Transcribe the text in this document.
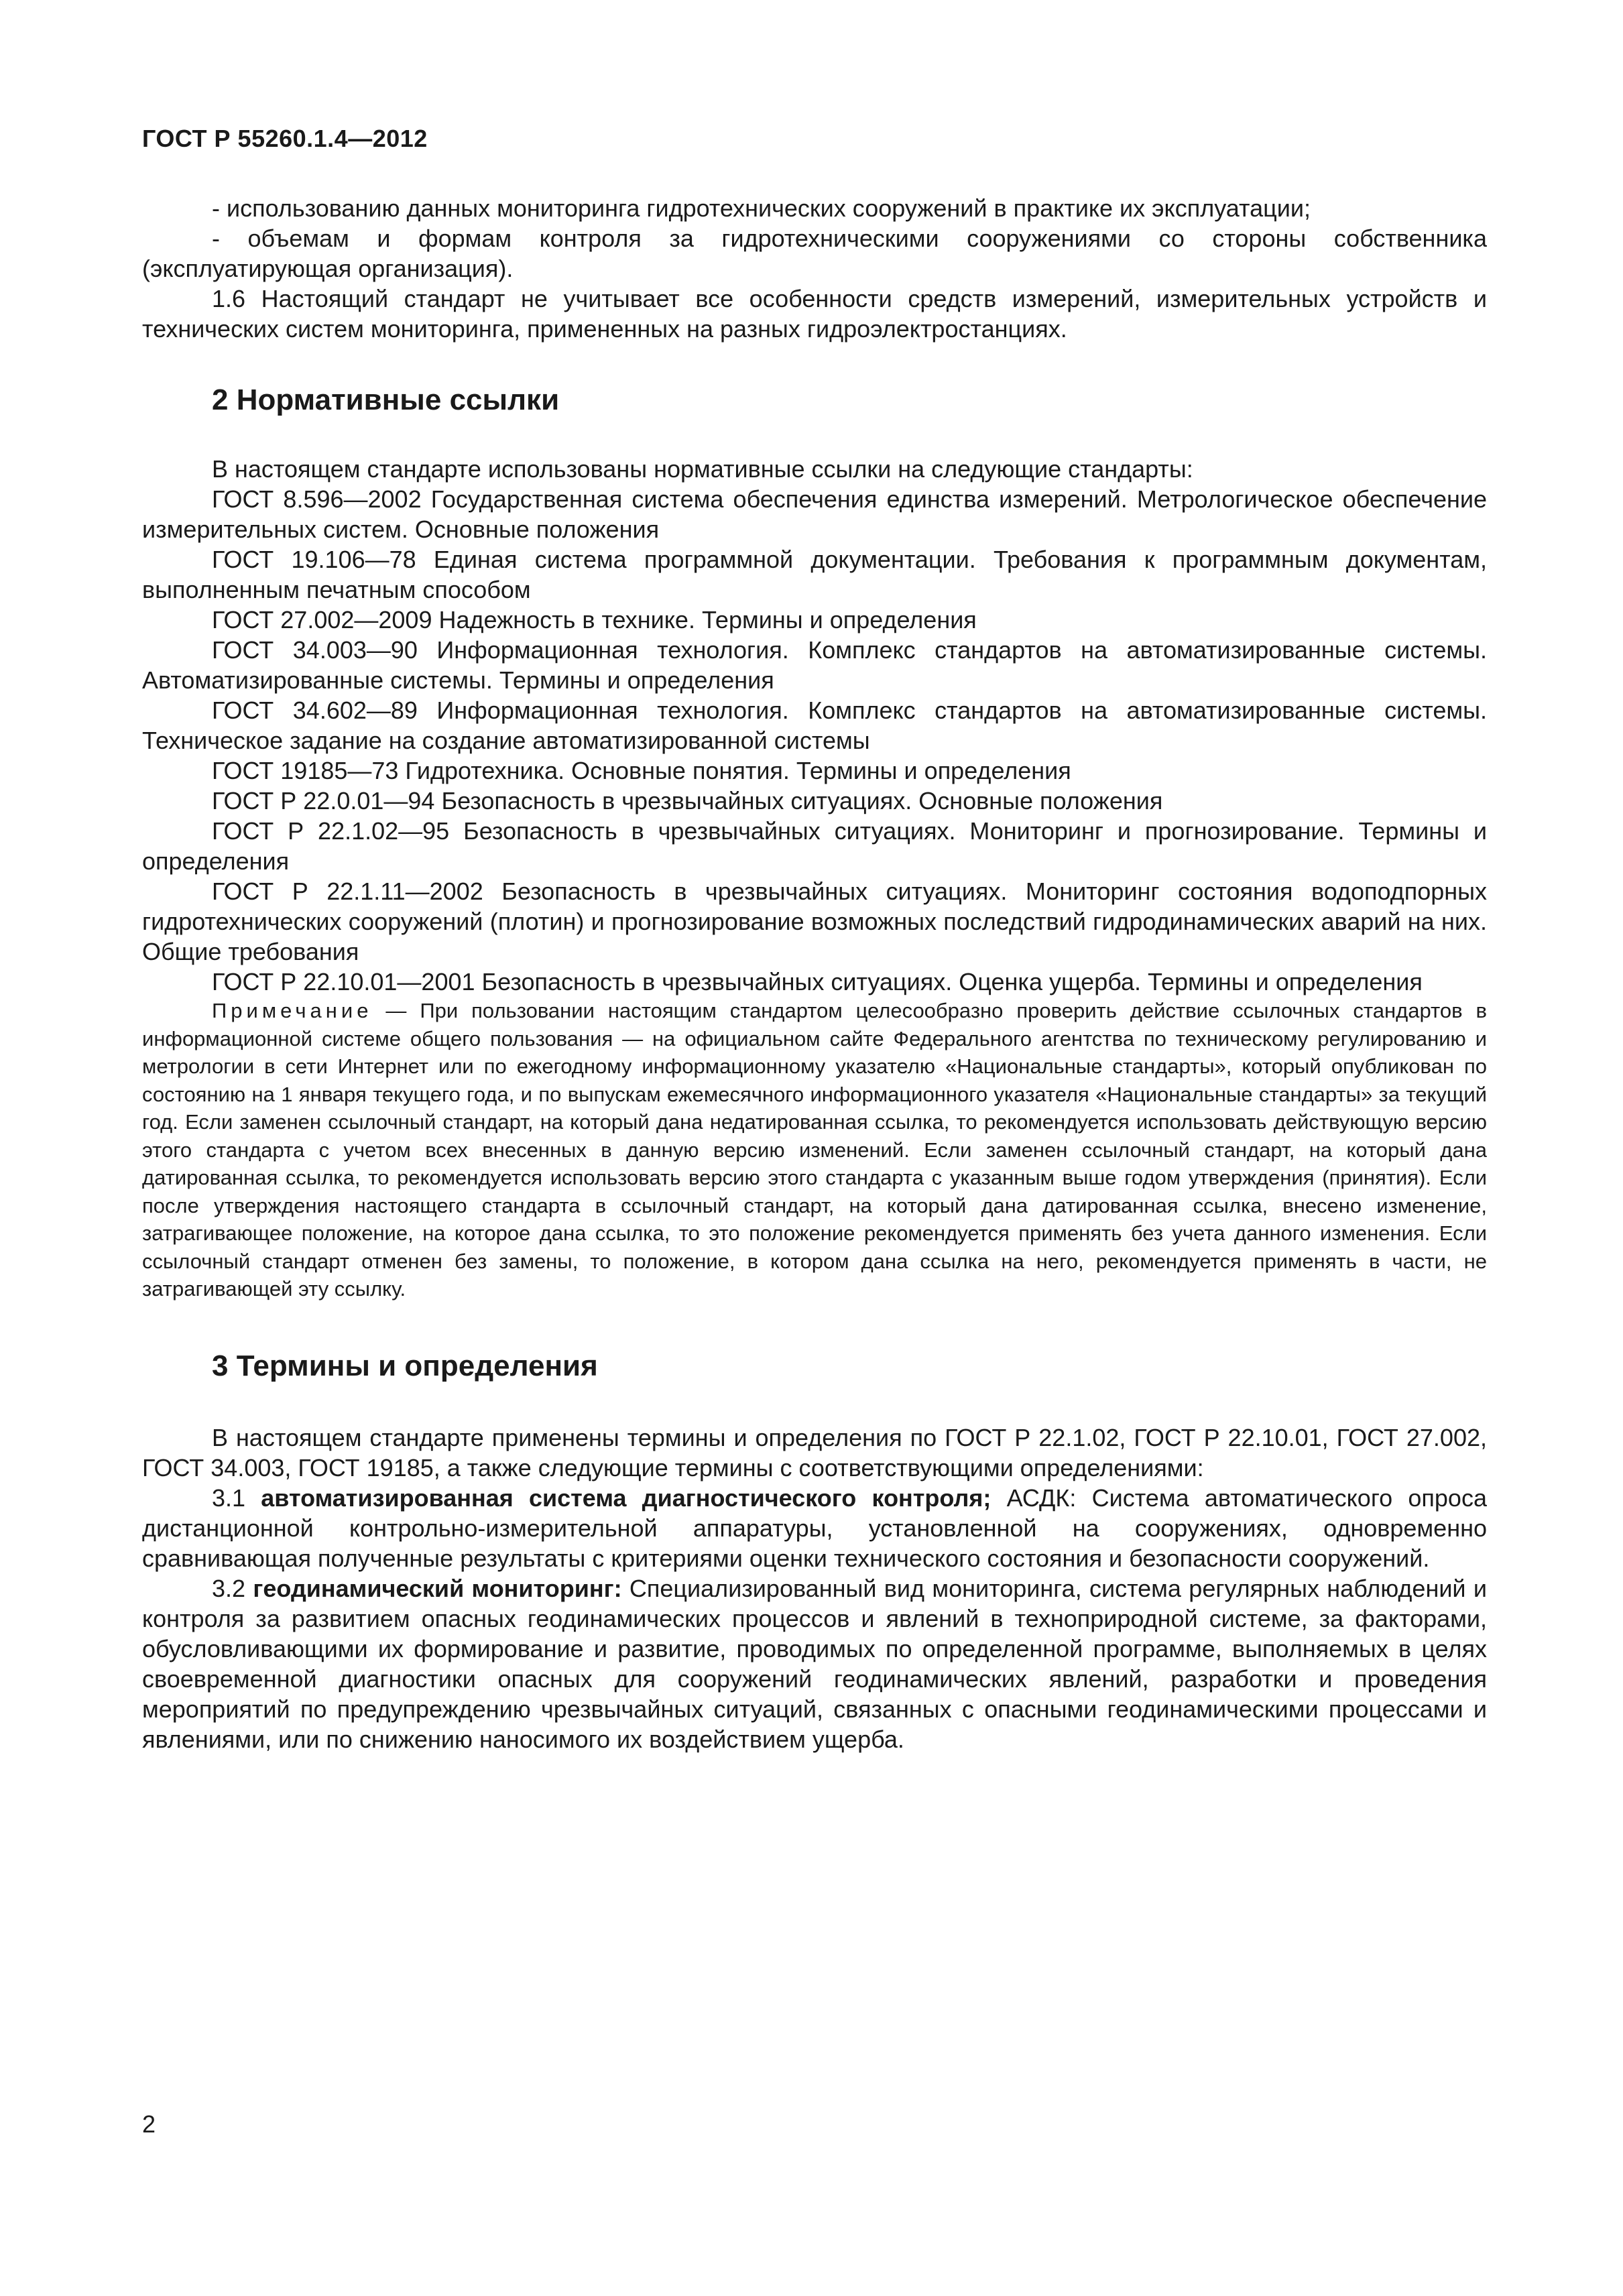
ГОСТ Р 55260.1.4—2012

- использованию данных мониторинга гидротехнических сооружений в практике их эксплуатации;

- объемам и формам контроля за гидротехническими сооружениями со стороны собственника (эксплуатирующая организация).

1.6 Настоящий стандарт не учитывает все особенности средств измерений, измерительных устройств и технических систем мониторинга, примененных на разных гидроэлектростанциях.

2 Нормативные ссылки

В настоящем стандарте использованы нормативные ссылки на следующие стандарты:

ГОСТ 8.596—2002 Государственная система обеспечения единства измерений. Метрологическое обеспечение измерительных систем. Основные положения

ГОСТ 19.106—78 Единая система программной документации. Требования к программным документам, выполненным печатным способом

ГОСТ 27.002—2009 Надежность в технике. Термины и определения

ГОСТ 34.003—90 Информационная технология. Комплекс стандартов на автоматизированные системы. Автоматизированные системы. Термины и определения

ГОСТ 34.602—89 Информационная технология. Комплекс стандартов на автоматизированные системы. Техническое задание на создание автоматизированной системы

ГОСТ 19185—73 Гидротехника. Основные понятия. Термины и определения

ГОСТ Р 22.0.01—94 Безопасность в чрезвычайных ситуациях. Основные положения

ГОСТ Р 22.1.02—95 Безопасность в чрезвычайных ситуациях. Мониторинг и прогнозирование. Термины и определения

ГОСТ Р 22.1.11—2002 Безопасность в чрезвычайных ситуациях. Мониторинг состояния водоподпорных гидротехнических сооружений (плотин) и прогнозирование возможных последствий гидродинамических аварий на них. Общие требования

ГОСТ Р 22.10.01—2001 Безопасность в чрезвычайных ситуациях. Оценка ущерба. Термины и определения

Примечание — При пользовании настоящим стандартом целесообразно проверить действие ссылочных стандартов в информационной системе общего пользования — на официальном сайте Федерального агентства по техническому регулированию и метрологии в сети Интернет или по ежегодному информационному указателю «Национальные стандарты», который опубликован по состоянию на 1 января текущего года, и по выпускам ежемесячного информационного указателя «Национальные стандарты» за текущий год. Если заменен ссылочный стандарт, на который дана недатированная ссылка, то рекомендуется использовать действующую версию этого стандарта с учетом всех внесенных в данную версию изменений. Если заменен ссылочный стандарт, на который дана датированная ссылка, то рекомендуется использовать версию этого стандарта с указанным выше годом утверждения (принятия). Если после утверждения настоящего стандарта в ссылочный стандарт, на который дана датированная ссылка, внесено изменение, затрагивающее положение, на которое дана ссылка, то это положение рекомендуется применять без учета данного изменения. Если ссылочный стандарт отменен без замены, то положение, в котором дана ссылка на него, рекомендуется применять в части, не затрагивающей эту ссылку.

3 Термины и определения

В настоящем стандарте применены термины и определения по ГОСТ Р 22.1.02, ГОСТ Р 22.10.01, ГОСТ 27.002, ГОСТ 34.003, ГОСТ 19185, а также следующие термины с соответствующими определениями:

3.1 автоматизированная система диагностического контроля; АСДК: Система автоматического опроса дистанционной контрольно-измерительной аппаратуры, установленной на сооружениях, одновременно сравнивающая полученные результаты с критериями оценки технического состояния и безопасности сооружений.

3.2 геодинамический мониторинг: Специализированный вид мониторинга, система регулярных наблюдений и контроля за развитием опасных геодинамических процессов и явлений в техноприродной системе, за факторами, обусловливающими их формирование и развитие, проводимых по определенной программе, выполняемых в целях своевременной диагностики опасных для сооружений геодинамических явлений, разработки и проведения мероприятий по предупреждению чрезвычайных ситуаций, связанных с опасными геодинамическими процессами и явлениями, или по снижению наносимого их воздействием ущерба.

2
